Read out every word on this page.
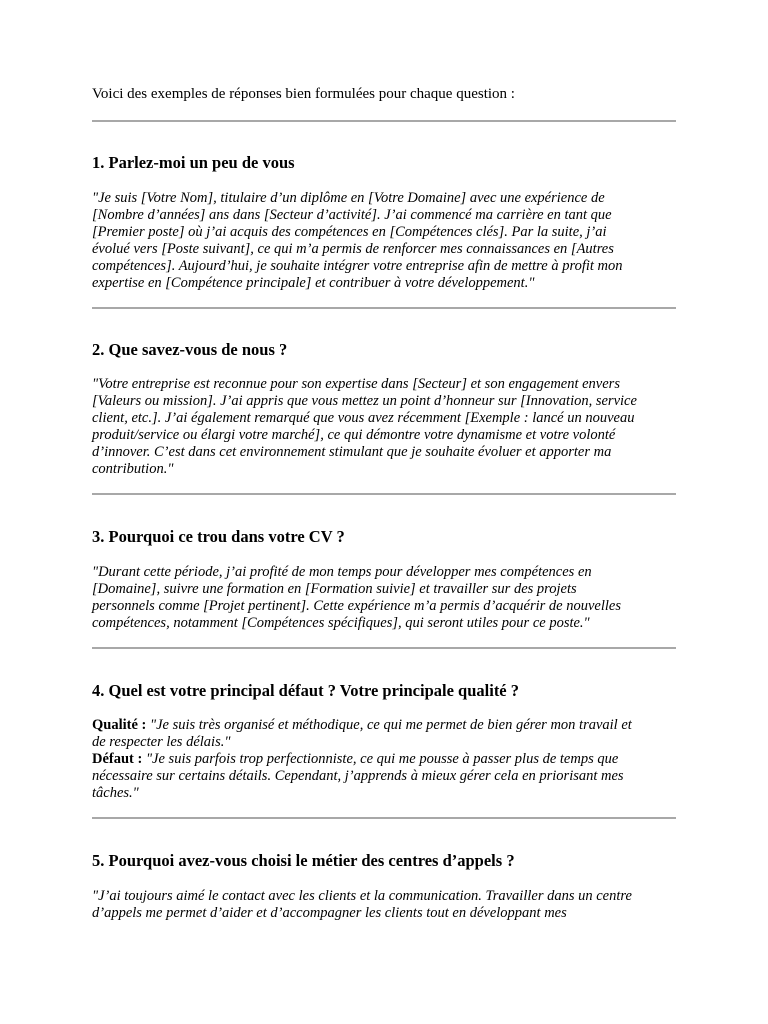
Voici des exemples de réponses bien formulées pour chaque question :

1. Parlez-moi un peu de vous
"Je suis [Votre Nom], titulaire d’un diplôme en [Votre Domaine] avec une expérience de
[Nombre d’années] ans dans [Secteur d’activité]. J’ai commencé ma carrière en tant que
[Premier poste] où j’ai acquis des compétences en [Compétences clés]. Par la suite, j’ai
évolué vers [Poste suivant], ce qui m’a permis de renforcer mes connaissances en [Autres
compétences]. Aujourd’hui, je souhaite intégrer votre entreprise afin de mettre à profit mon
expertise en [Compétence principale] et contribuer à votre développement."
2. Que savez-vous de nous ?
"Votre entreprise est reconnue pour son expertise dans [Secteur] et son engagement envers
[Valeurs ou mission]. J’ai appris que vous mettez un point d’honneur sur [Innovation, service
client, etc.]. J’ai également remarqué que vous avez récemment [Exemple : lancé un nouveau
produit/service ou élargi votre marché], ce qui démontre votre dynamisme et votre volonté
d’innover. C’est dans cet environnement stimulant que je souhaite évoluer et apporter ma
contribution."
3. Pourquoi ce trou dans votre CV ?
"Durant cette période, j’ai profité de mon temps pour développer mes compétences en
[Domaine], suivre une formation en [Formation suivie] et travailler sur des projets
personnels comme [Projet pertinent]. Cette expérience m’a permis d’acquérir de nouvelles
compétences, notamment [Compétences spécifiques], qui seront utiles pour ce poste."
4. Quel est votre principal défaut ? Votre principale qualité ?
Qualité : "Je suis très organisé et méthodique, ce qui me permet de bien gérer mon travail et
de respecter les délais."
Défaut : "Je suis parfois trop perfectionniste, ce qui me pousse à passer plus de temps que
nécessaire sur certains détails. Cependant, j’apprends à mieux gérer cela en priorisant mes
tâches."
5. Pourquoi avez-vous choisi le métier des centres d’appels ?
"J’ai toujours aimé le contact avec les clients et la communication. Travailler dans un centre
d’appels me permet d’aider et d’accompagner les clients tout en développant mes
